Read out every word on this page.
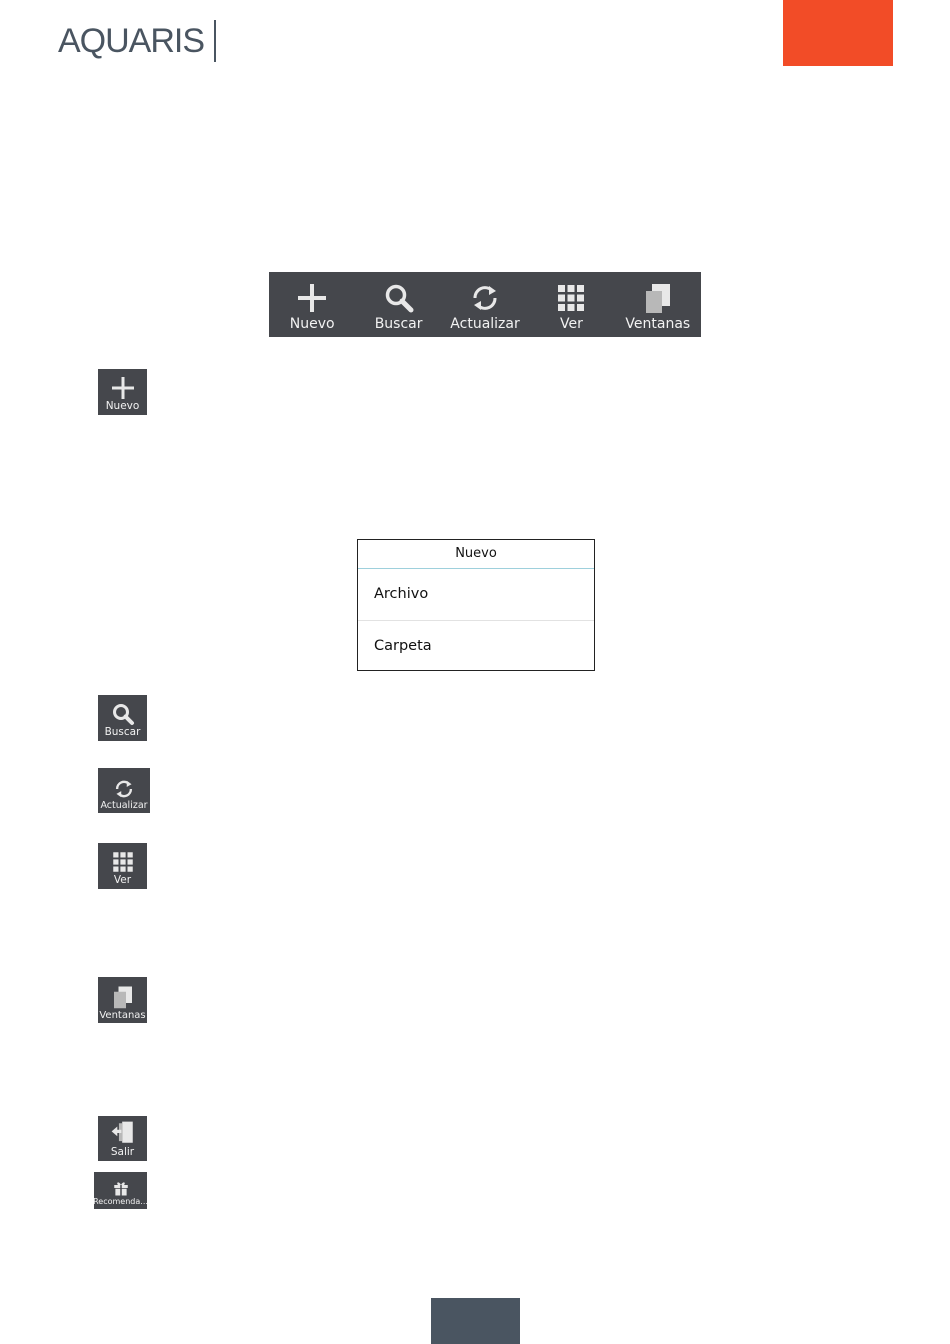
AQUARIS
Nuevo	Buscar Actualizar	Ver	Ventanas
Nuevo
Nuevo
Archivo
Carpeta
Buscar
Actualizar
Ver
Ventanas
Salir
Recomenda...
